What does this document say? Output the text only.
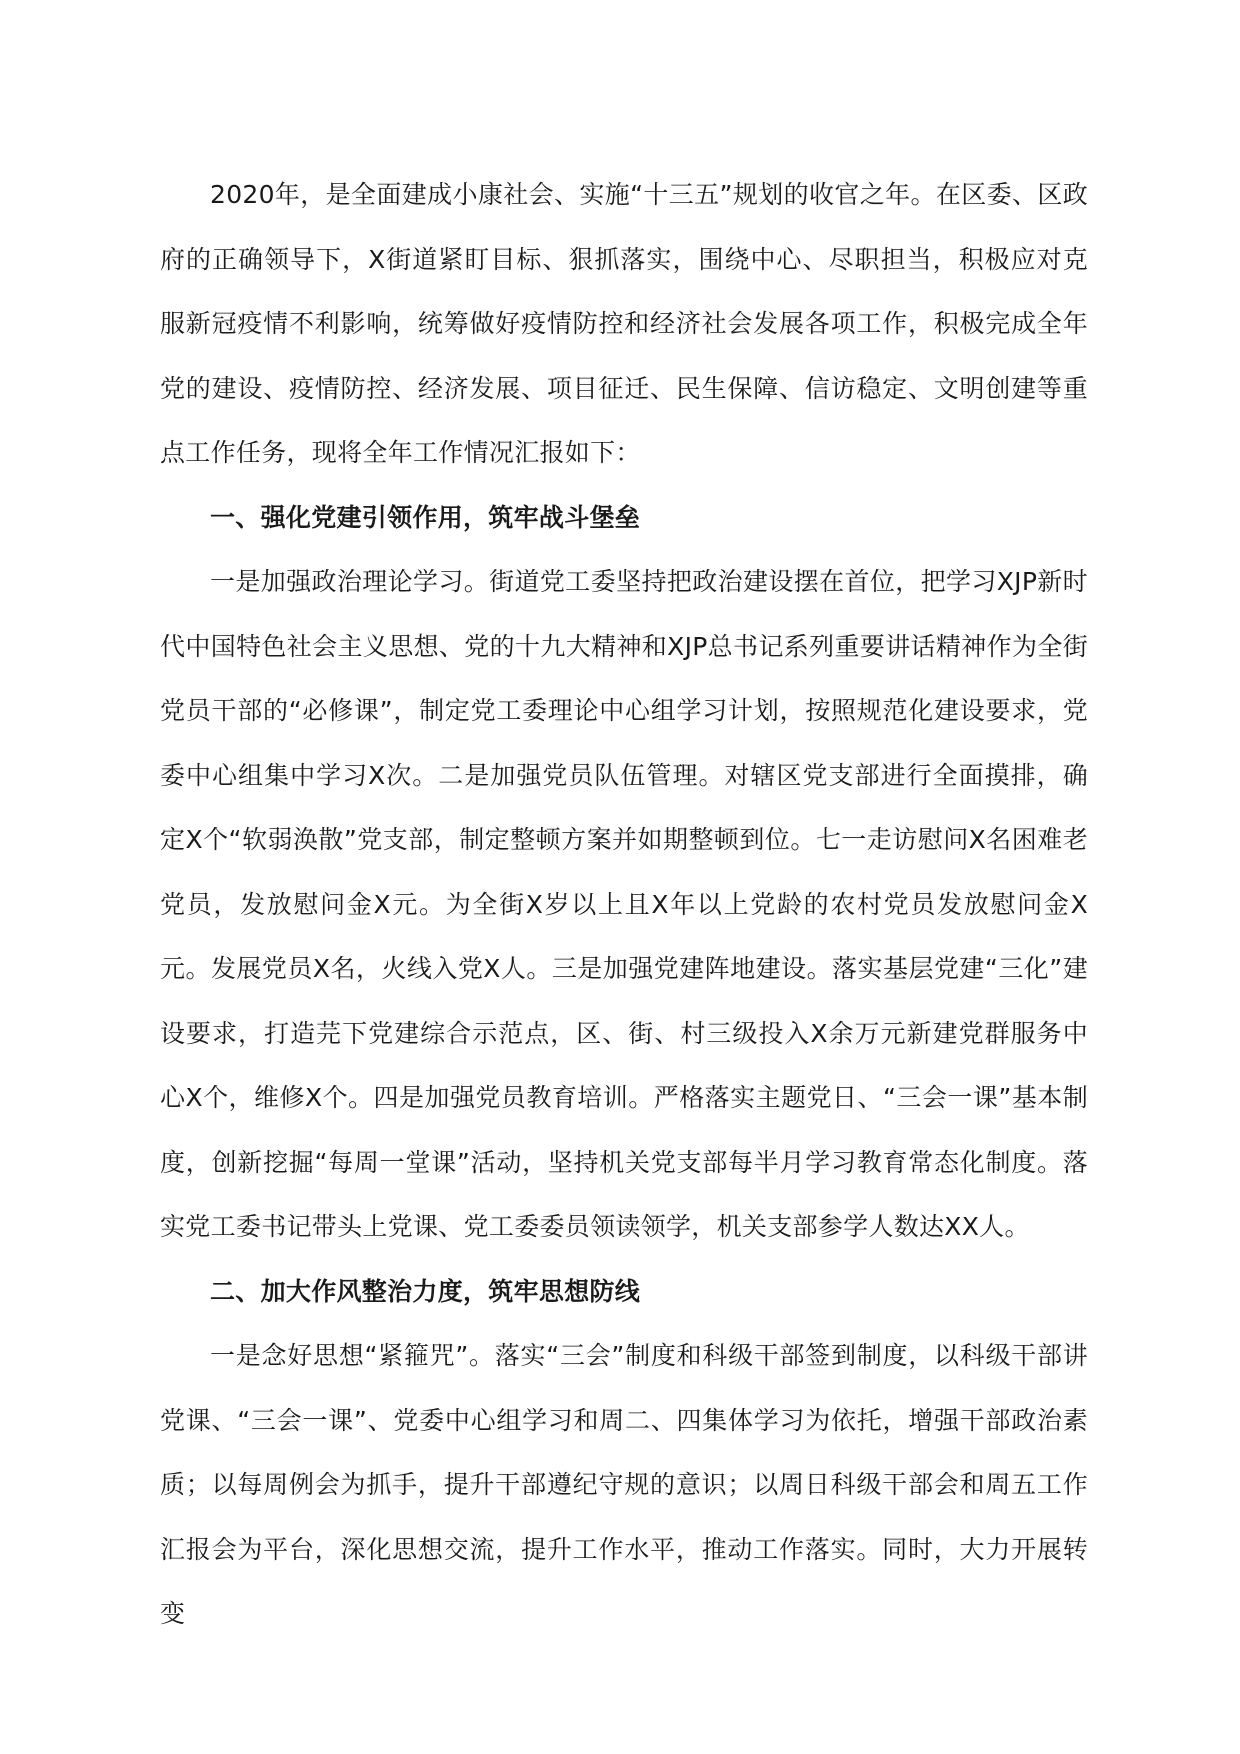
2020年，是全面建成小康社会、实施“十三五”规划的收官之年。在区委、区政府的正确领导下，X街道紧盯目标、狠抓落实，围绕中心、尽职担当，积极应对克服新冠疫情不利影响，统筹做好疫情防控和经济社会发展各项工作，积极完成全年党的建设、疫情防控、经济发展、项目征迁、民生保障、信访稳定、文明创建等重点工作任务，现将全年工作情况汇报如下：

一、强化党建引领作用，筑牢战斗堡垒

一是加强政治理论学习。街道党工委坚持把政治建设摆在首位，把学习XJP新时代中国特色社会主义思想、党的十九大精神和XJP总书记系列重要讲话精神作为全街党员干部的“必修课”，制定党工委理论中心组学习计划，按照规范化建设要求，党委中心组集中学习X次。二是加强党员队伍管理。对辖区党支部进行全面摸排，确定X个“软弱涣散”党支部，制定整顿方案并如期整顿到位。七一走访慰问X名困难老党员，发放慰问金X元。为全街X岁以上且X年以上党龄的农村党员发放慰问金X元。发展党员X名，火线入党X人。三是加强党建阵地建设。落实基层党建“三化”建设要求，打造芫下党建综合示范点，区、街、村三级投入X余万元新建党群服务中心X个，维修X个。四是加强党员教育培训。严格落实主题党日、“三会一课”基本制度，创新挖掘“每周一堂课”活动，坚持机关党支部每半月学习教育常态化制度。落实党工委书记带头上党课、党工委委员领读领学，机关支部参学人数达XX人。

二、加大作风整治力度，筑牢思想防线

一是念好思想“紧箍咒”。落实“三会”制度和科级干部签到制度，以科级干部讲党课、“三会一课”、党委中心组学习和周二、四集体学习为依托，增强干部政治素质；以每周例会为抓手，提升干部遵纪守规的意识；以周日科级干部会和周五工作汇报会为平台，深化思想交流，提升工作水平，推动工作落实。同时，大力开展转变
